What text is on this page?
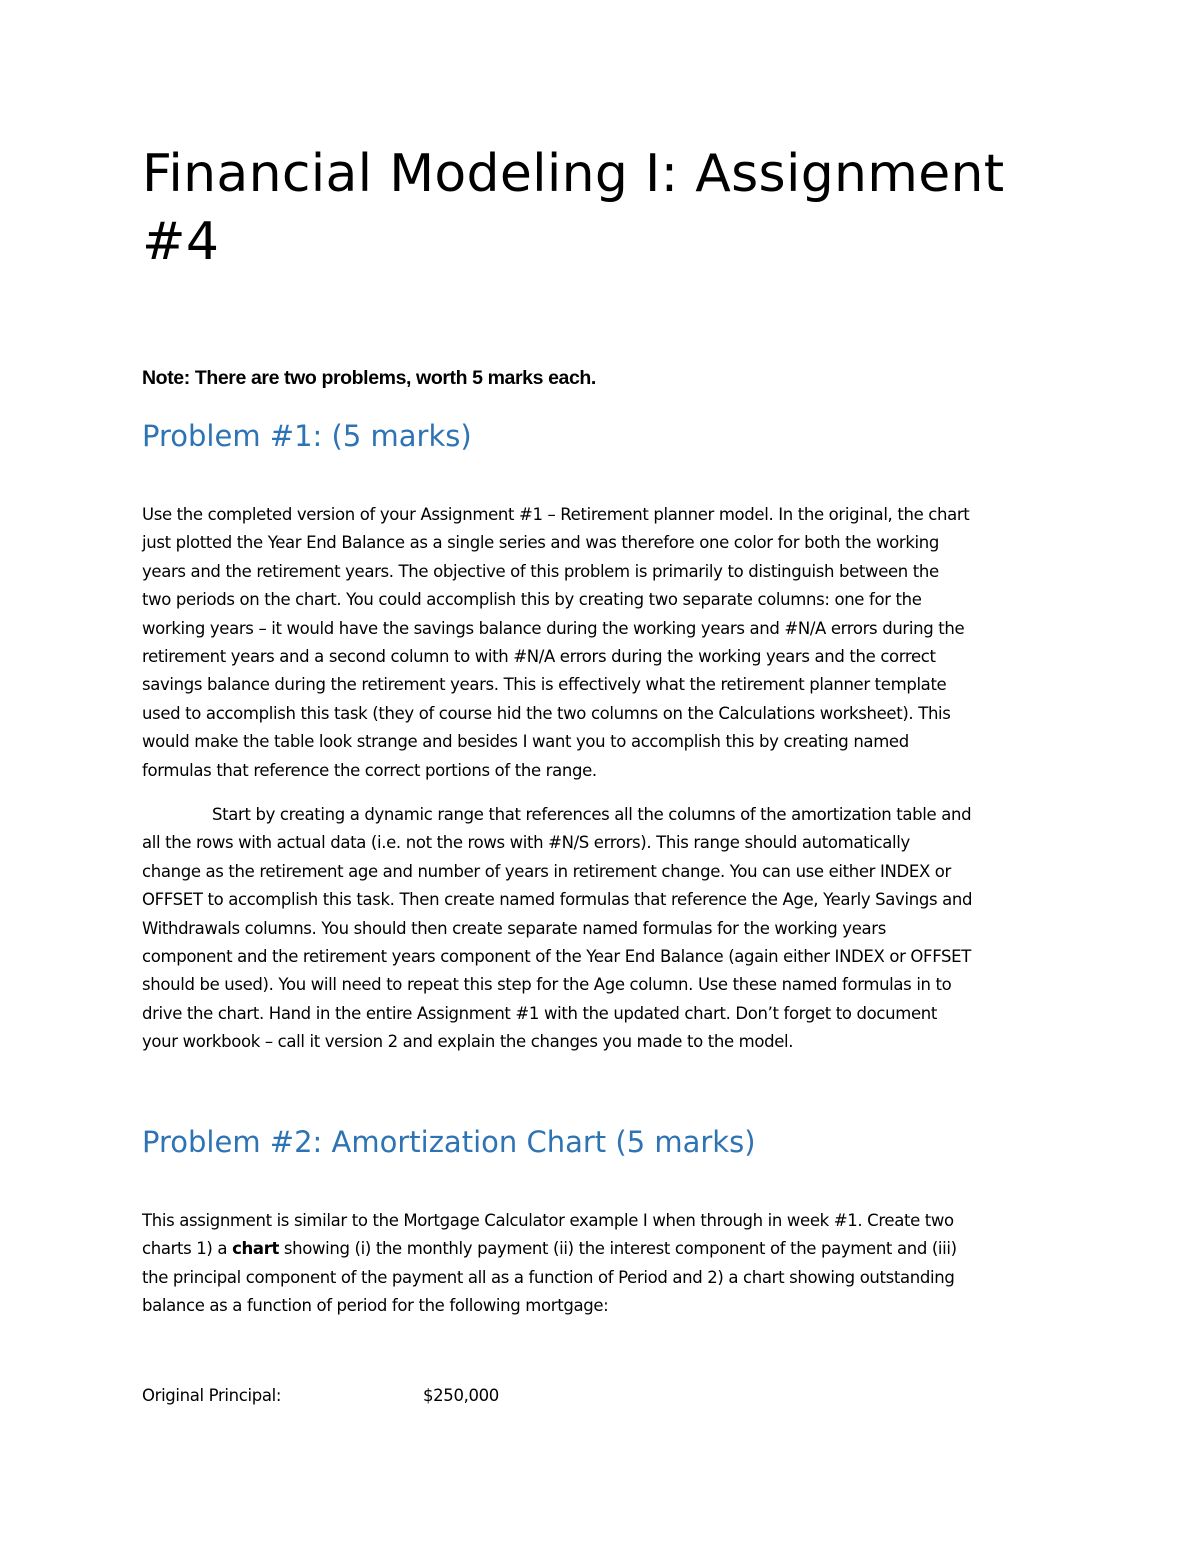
Financial Modeling I: Assignment #4

Note: There are two problems, worth 5 marks each.

Problem #1: (5 marks)
Use the completed version of your Assignment #1 – Retirement planner model. In the original, the chart
just plotted the Year End Balance as a single series and was therefore one color for both the working
years and the retirement years. The objective of this problem is primarily to distinguish between the
two periods on the chart. You could accomplish this by creating two separate columns: one for the
working years – it would have the savings balance during the working years and #N/A errors during the
retirement years and a second column to with #N/A errors during the working years and the correct
savings balance during the retirement years. This is effectively what the retirement planner template
used to accomplish this task (they of course hid the two columns on the Calculations worksheet). This
would make the table look strange and besides I want you to accomplish this by creating named
formulas that reference the correct portions of the range.
Start by creating a dynamic range that references all the columns of the amortization table and
all the rows with actual data (i.e. not the rows with #N/S errors). This range should automatically
change as the retirement age and number of years in retirement change. You can use either INDEX or
OFFSET to accomplish this task. Then create named formulas that reference the Age, Yearly Savings and
Withdrawals columns. You should then create separate named formulas for the working years
component and the retirement years component of the Year End Balance (again either INDEX or OFFSET
should be used). You will need to repeat this step for the Age column. Use these named formulas in to
drive the chart. Hand in the entire Assignment #1 with the updated chart. Don’t forget to document
your workbook – call it version 2 and explain the changes you made to the model.
Problem #2: Amortization Chart (5 marks)
This assignment is similar to the Mortgage Calculator example I when through in week #1. Create two
charts 1) a chart showing (i) the monthly payment (ii) the interest component of the payment and (iii)
the principal component of the payment all as a function of Period and 2) a chart showing outstanding
balance as a function of period for the following mortgage:
Original Principal:	$250,000
